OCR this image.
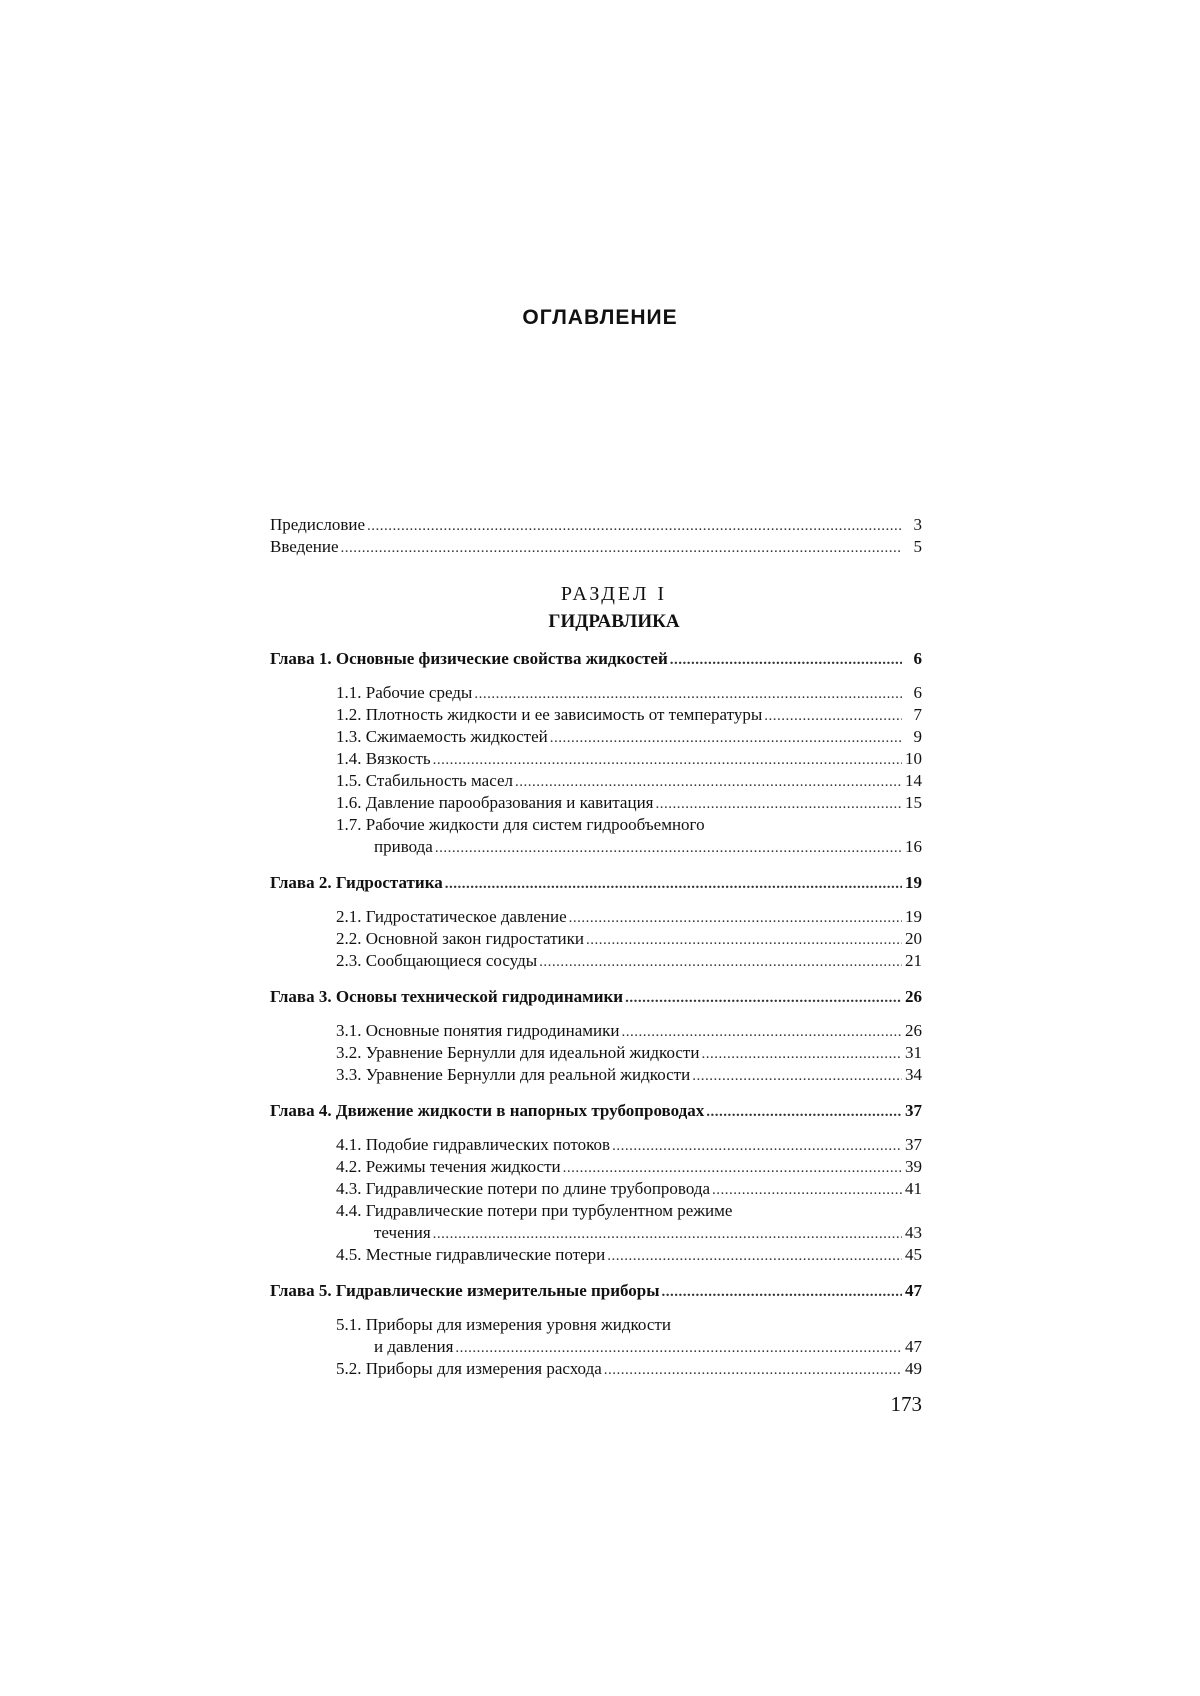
ОГЛАВЛЕНИЕ
Предисловие .....	3
Введение .....	5
РАЗДЕЛ I
ГИДРАВЛИКА
Глава 1. Основные физические свойства жидкостей .....	6
1.1. Рабочие среды .....	6
1.2. Плотность жидкости и ее зависимость от температуры .....	7
1.3. Сжимаемость жидкостей .....	9
1.4. Вязкость .....	10
1.5. Стабильность масел .....	14
1.6. Давление парообразования и кавитация .....	15
1.7. Рабочие жидкости для систем гидрообъемного
привода .....	16
Глава 2. Гидростатика .....	19
2.1. Гидростатическое давление .....	19
2.2. Основной закон гидростатики .....	20
2.3. Сообщающиеся сосуды .....	21
Глава 3. Основы технической гидродинамики .....	26
3.1. Основные понятия гидродинамики .....	26
3.2. Уравнение Бернулли для идеальной жидкости .....	31
3.3. Уравнение Бернулли для реальной жидкости .....	34
Глава 4. Движение жидкости в напорных трубопроводах .....	37
4.1. Подобие гидравлических потоков .....	37
4.2. Режимы течения жидкости .....	39
4.3. Гидравлические потери по длине трубопровода .....	41
4.4. Гидравлические потери при турбулентном режиме
течения .....	43
4.5. Местные гидравлические потери .....	45
Глава 5. Гидравлические измерительные приборы .....	47
5.1. Приборы для измерения уровня жидкости
и давления .....	47
5.2. Приборы для измерения расхода .....	49
173
